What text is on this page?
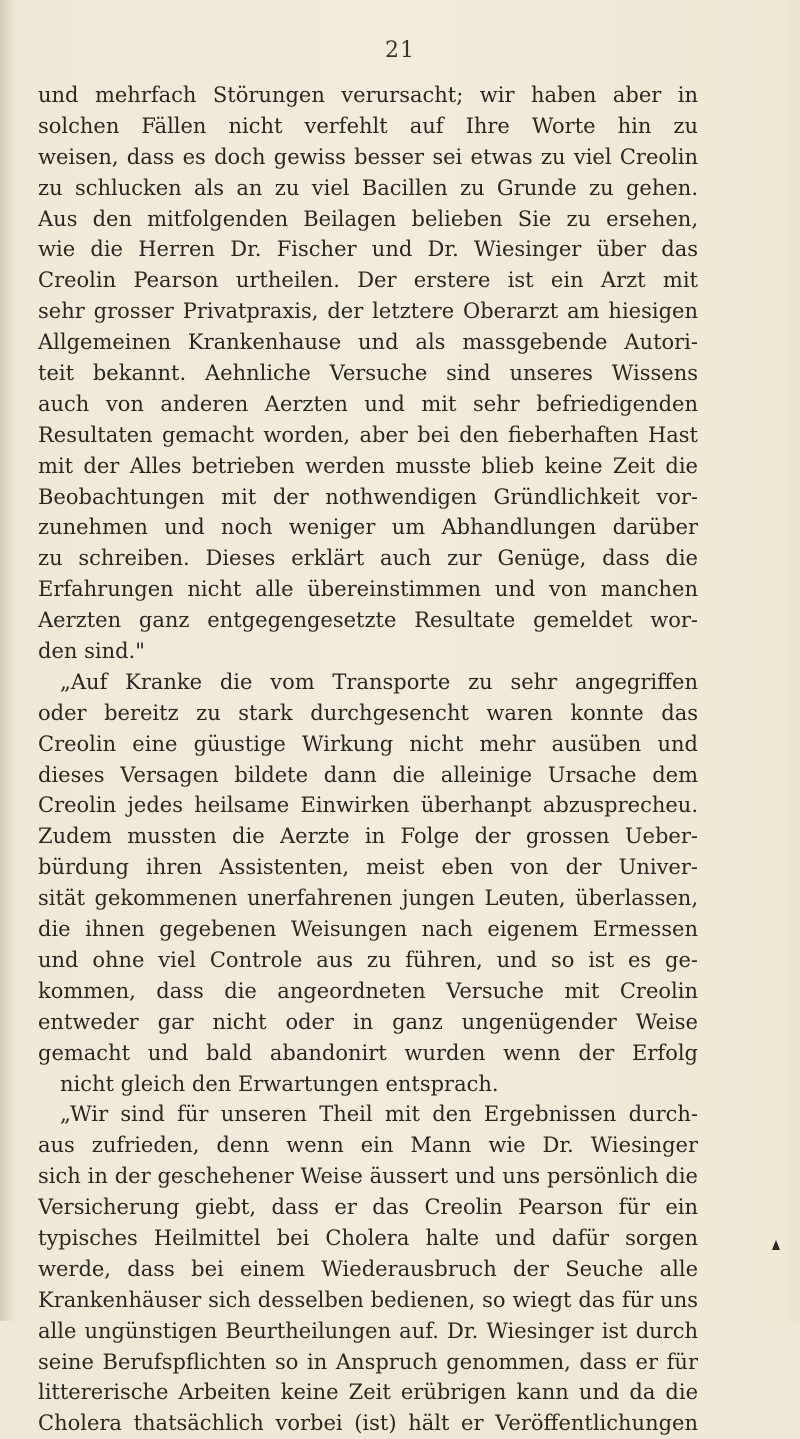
21
und mehrfach Störungen verursacht; wir haben aber in
solchen Fällen nicht verfehlt auf Ihre Worte hin zu
weisen, dass es doch gewiss besser sei etwas zu viel Creolin
zu schlucken als an zu viel Bacillen zu Grunde zu gehen.
Aus den mitfolgenden Beilagen belieben Sie zu ersehen,
wie die Herren Dr. Fischer und Dr. Wiesinger über das
Creolin Pearson urtheilen. Der erstere ist ein Arzt mit
sehr grosser Privatpraxis, der letztere Oberarzt am hiesigen
Allgemeinen Krankenhause und als massgebende Autori-
teit bekannt. Aehnliche Versuche sind unseres Wissens
auch von anderen Aerzten und mit sehr befriedigenden
Resultaten gemacht worden, aber bei den fieberhaften Hast
mit der Alles betrieben werden musste blieb keine Zeit die
Beobachtungen mit der nothwendigen Gründlichkeit vor-
zunehmen und noch weniger um Abhandlungen darüber
zu schreiben. Dieses erklärt auch zur Genüge, dass die
Erfahrungen nicht alle übereinstimmen und von manchen
Aerzten ganz entgegengesetzte Resultate gemeldet wor-
den sind."
„Auf Kranke die vom Transporte zu sehr angegriffen
oder bereitz zu stark durchgesencht waren konnte das
Creolin eine güustige Wirkung nicht mehr ausüben und
dieses Versagen bildete dann die alleinige Ursache dem
Creolin jedes heilsame Einwirken überhanpt abzusprecheu.
Zudem mussten die Aerzte in Folge der grossen Ueber-
bürdung ihren Assistenten, meist eben von der Univer-
sität gekommenen unerfahrenen jungen Leuten, überlassen,
die ihnen gegebenen Weisungen nach eigenem Ermessen
und ohne viel Controle aus zu führen, und so ist es ge-
kommen, dass die angeordneten Versuche mit Creolin
entweder gar nicht oder in ganz ungenügender Weise
gemacht und bald abandonirt wurden wenn der Erfolg
nicht gleich den Erwartungen entsprach.
„Wir sind für unseren Theil mit den Ergebnissen durch-
aus zufrieden, denn wenn ein Mann wie Dr. Wiesinger
sich in der geschehener Weise äussert und uns persönlich die
Versicherung giebt, dass er das Creolin Pearson für ein
typisches Heilmittel bei Cholera halte und dafür sorgen
werde, dass bei einem Wiederausbruch der Seuche alle
Krankenhäuser sich desselben bedienen, so wiegt das für uns
alle ungünstigen Beurtheilungen auf. Dr. Wiesinger ist durch
seine Berufspflichten so in Anspruch genommen, dass er für
littererische Arbeiten keine Zeit erübrigen kann und da die
Cholera thatsächlich vorbei (ist) hält er Veröffentlichungen
